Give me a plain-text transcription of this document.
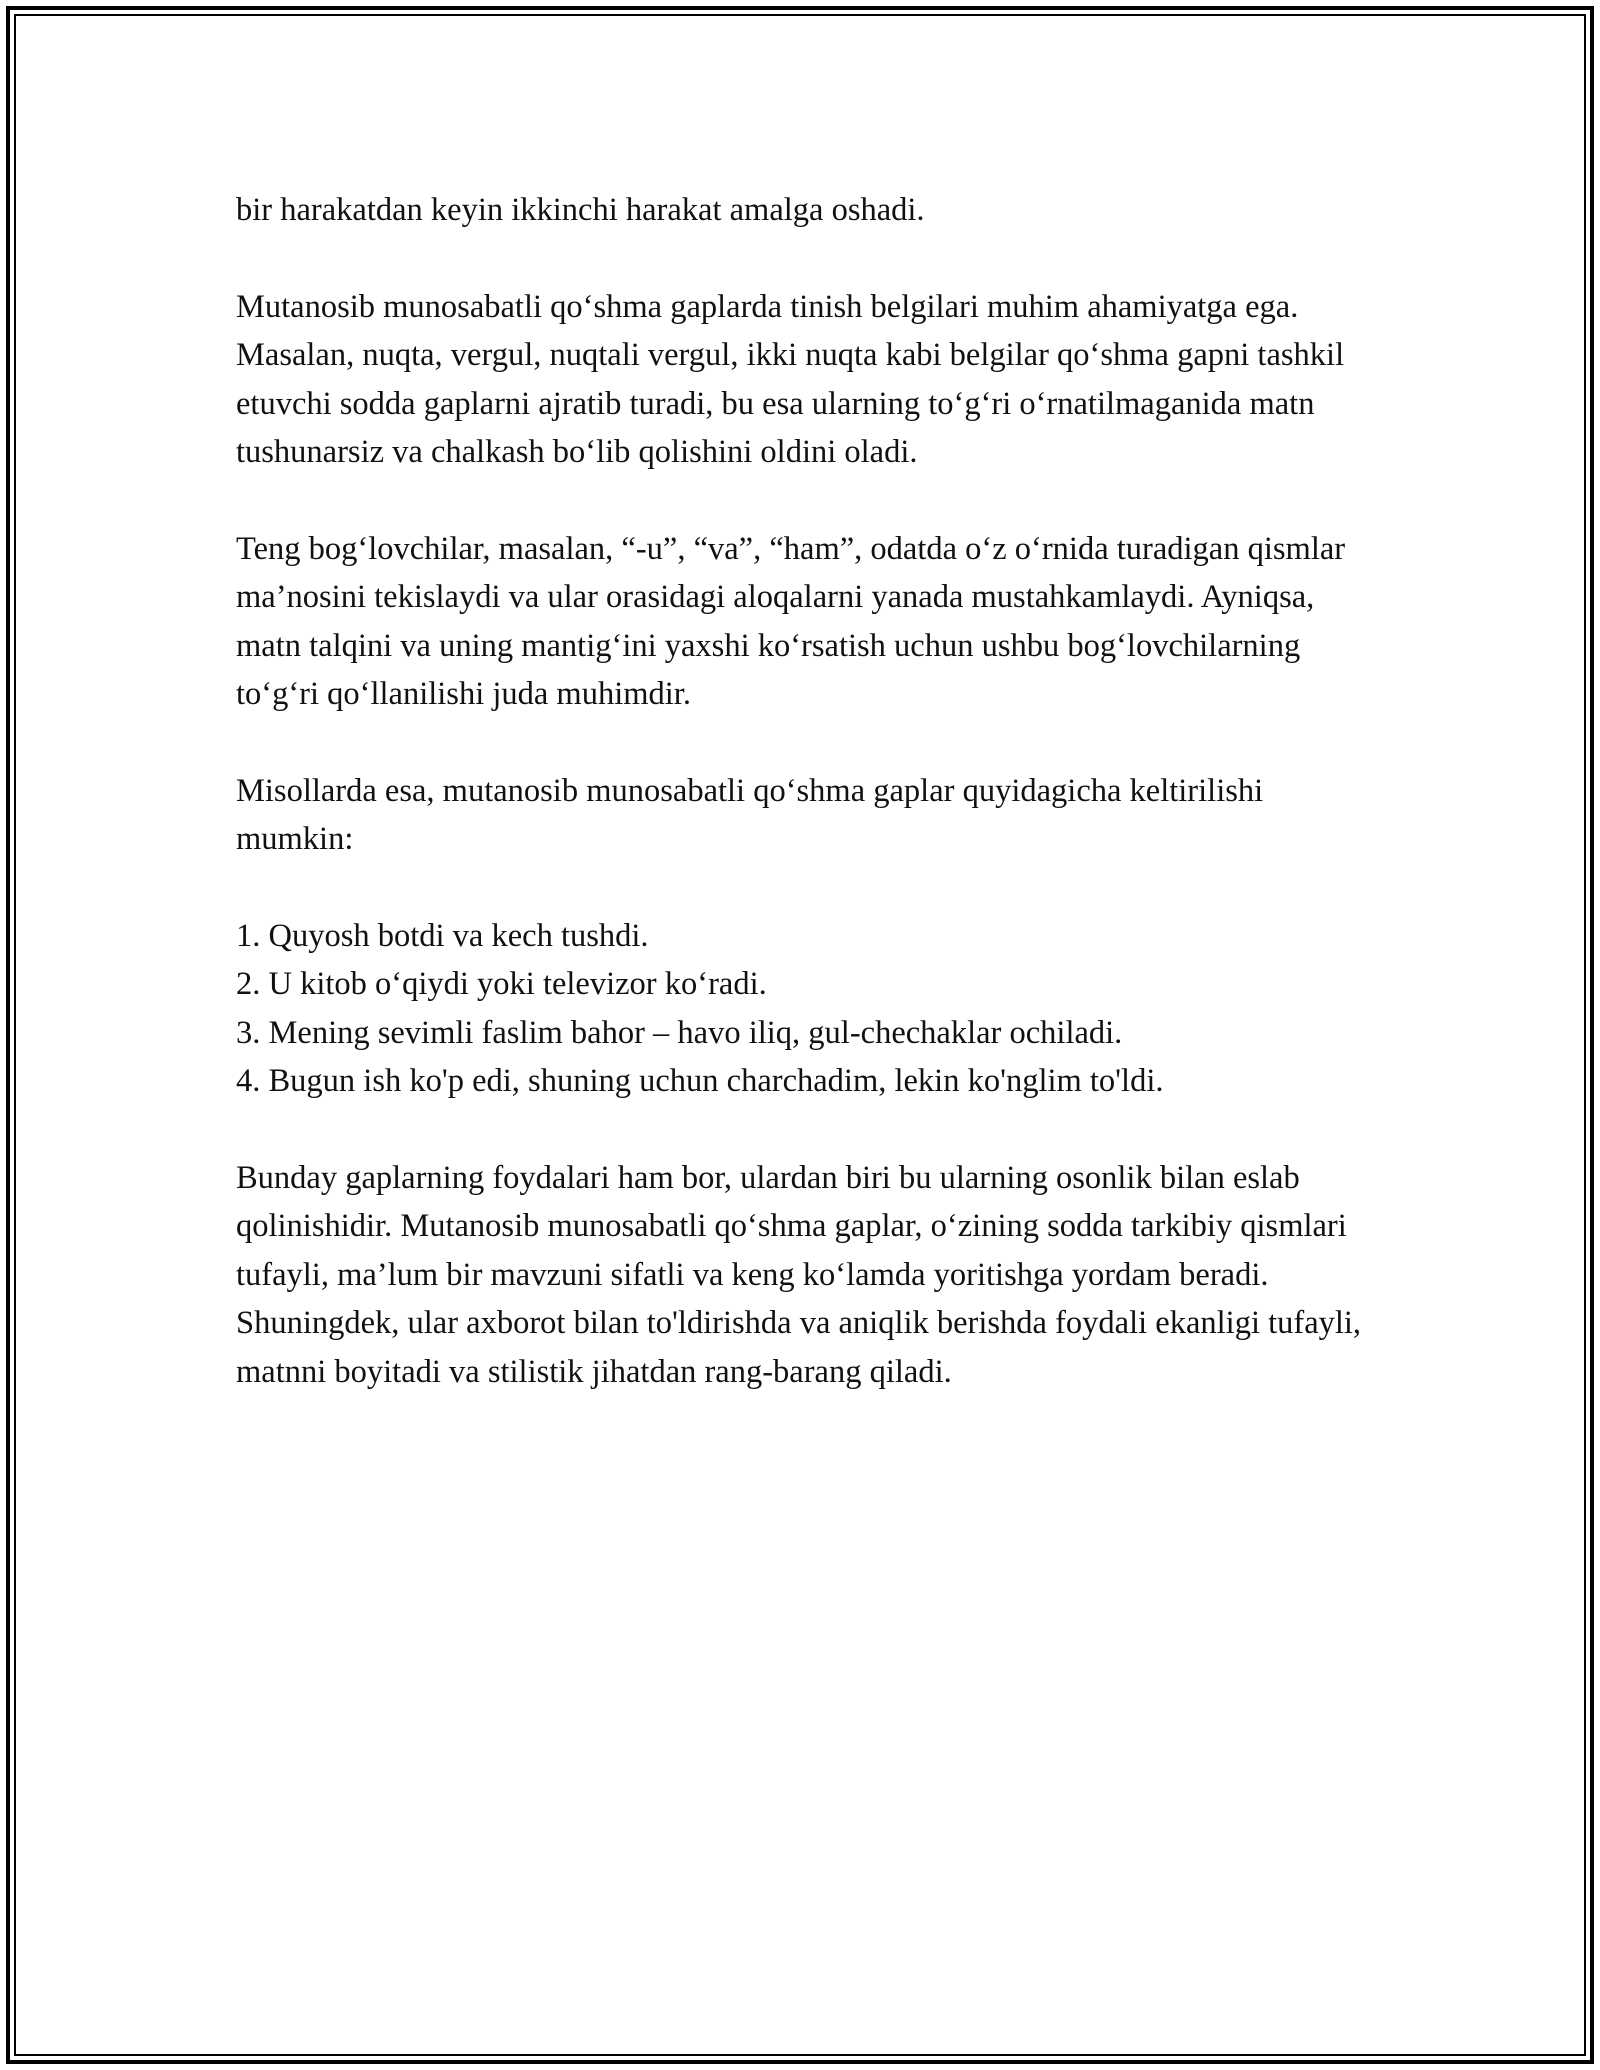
bir harakatdan keyin ikkinchi harakat amalga oshadi.

Mutanosib munosabatli qo‘shma gaplarda tinish belgilari muhim ahamiyatga ega. Masalan, nuqta, vergul, nuqtali vergul, ikki nuqta kabi belgilar qo‘shma gapni tashkil etuvchi sodda gaplarni ajratib turadi, bu esa ularning to‘g‘ri o‘rnatilmaganida matn tushunarsiz va chalkash bo‘lib qolishini oldini oladi.

Teng bog‘lovchilar, masalan, “-u”, “va”, “ham”, odatda o‘z o‘rnida turadigan qismlar ma’nosini tekislaydi va ular orasidagi aloqalarni yanada mustahkamlaydi. Ayniqsa, matn talqini va uning mantig‘ini yaxshi ko‘rsatish uchun ushbu bog‘lovchilarning to‘g‘ri qo‘llanilishi juda muhimdir.

Misollarda esa, mutanosib munosabatli qo‘shma gaplar quyidagicha keltirilishi mumkin:

1. Quyosh botdi va kech tushdi.
2. U kitob o‘qiydi yoki televizor ko‘radi.
3. Mening sevimli faslim bahor – havo iliq, gul-chechaklar ochiladi.
4. Bugun ish ko'p edi, shuning uchun charchadim, lekin ko'nglim to'ldi.

Bunday gaplarning foydalari ham bor, ulardan biri bu ularning osonlik bilan eslab qolinishidir. Mutanosib munosabatli qo‘shma gaplar, o‘zining sodda tarkibiy qismlari tufayli, ma’lum bir mavzuni sifatli va keng ko‘lamda yoritishga yordam beradi. Shuningdek, ular axborot bilan to'ldirishda va aniqlik berishda foydali ekanligi tufayli, matnni boyitadi va stilistik jihatdan rang-barang qiladi.
